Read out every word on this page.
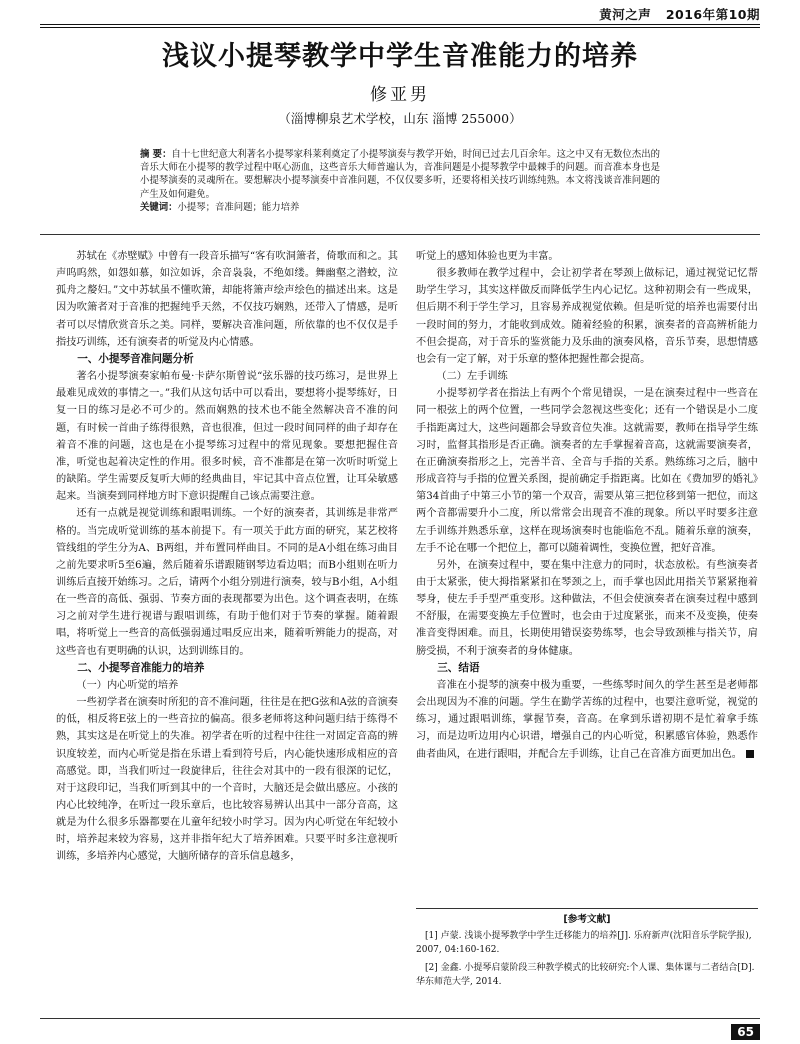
黄河之声 2016年第10期
浅议小提琴教学中学生音准能力的培养
修亚男
（淄博柳泉艺术学校，山东 淄博 255000）
摘 要：自十七世纪意大利著名小提琴家科莱利奠定了小提琴演奏与教学开始，时间已过去几百余年。这之中又有无数位杰出的音乐大师在小提琴的教学过程中呕心沥血，这些音乐大师普遍认为，音准问题是小提琴教学中最棘手的问题。而音准本身也是小提琴演奏的灵魂所在。要想解决小提琴演奏中音准问题，不仅仅要多听，还要将相关技巧训练纯熟。本文将浅谈音准问题的产生及如何避免。
关键词：小提琴；音准问题；能力培养

苏轼在《赤壁赋》中曾有一段音乐描写“客有吹洞箫者，倚歌而和之。其声呜呜然，如怨如慕，如泣如诉，余音袅袅，不绝如缕。舞幽壑之潜蛟，泣孤舟之嫠妇。”文中苏轼虽不懂吹箫，却能将箫声绘声绘色的描述出来。这是因为吹箫者对于音准的把握纯乎天然，不仅技巧娴熟，还带入了情感，是听者可以尽情欣赏音乐之美。同样，要解决音准问题，所依靠的也不仅仅是手指技巧训练，还有演奏者的听觉及内心情感。

一、小提琴音准问题分析

著名小提琴演奏家帕布曼·卡萨尔斯曾说“弦乐器的技巧练习，是世界上最难见成效的事情之一。”我们从这句话中可以看出，要想将小提琴练好，日复一日的练习是必不可少的。然而娴熟的技术也不能全然解决音不准的问题，有时候一首曲子练得很熟，音也很准，但过一段时间同样的曲子却存在着音不准的问题，这也是在小提琴练习过程中的常见现象。要想把握住音准，听觉也起着决定性的作用。很多时候，音不准都是在第一次听时听觉上的缺陷。学生需要反复听大师的经典曲目，牢记其中音点位置，让耳朵敏感起来。当演奏到同样地方时下意识提醒自己该点需要注意。

还有一点就是视觉训练和跟唱训练。一个好的演奏者，其训练是非常严格的。当完成听觉训练的基本前提下。有一项关于此方面的研究，某艺校将管线组的学生分为A、B两组，并布置同样曲目。不同的是A小组在练习曲目之前先要求听5至6遍，然后随着乐谱跟随钢琴边看边唱；而B小组则在听力训练后直接开始练习。之后，请两个小组分别进行演奏，较与B小组，A小组在一些音的高低、强弱、节奏方面的表现都要为出色。这个调查表明，在练习之前对学生进行视谱与跟唱训练，有助于他们对于节奏的掌握。随着跟唱，将听觉上一些音的高低强弱通过唱反应出来，随着听辨能力的提高，对这些音也有更明确的认识，达到训练目的。

二、小提琴音准能力的培养
（一）内心听觉的培养

一些初学者在演奏时所犯的音不准问题，往往是在把G弦和A弦的音演奏的低，相反将E弦上的一些音拉的偏高。很多老师将这种问题归结于练得不熟，其实这是在听觉上的失准。初学者在听的过程中往往一对固定音高的辨识度较差，而内心听觉是指在乐谱上看到符号后，内心能快速形成相应的音高感觉。即，当我们听过一段旋律后，往往会对其中的一段有很深的记忆，对于这段印记，当我们听到其中的一个音时，大脑还是会做出感应。小孩的内心比较纯净，在听过一段乐章后，也比较容易辨认出其中一部分音高，这就是为什么很多乐器都要在儿童年纪较小时学习。因为内心听觉在年纪较小时，培养起来较为容易，这并非指年纪大了培养困难。只要平时多注意视听训练，多培养内心感觉，大脑所储存的音乐信息越多，

听觉上的感知体验也更为丰富。

很多教师在教学过程中，会让初学者在琴颈上做标记，通过视觉记忆帮助学生学习，其实这样做反而降低学生内心记忆。这种初期会有一些成果，但后期不利于学生学习，且容易养成视觉依赖。但是听觉的培养也需要付出一段时间的努力，才能收到成效。随着经验的积累，演奏者的音高辨析能力不但会提高，对于音乐的鉴赏能力及乐曲的演奏风格，音乐节奏，思想情感也会有一定了解，对于乐章的整体把握性都会提高。

（二）左手训练

小提琴初学者在指法上有两个个常见错误，一是在演奏过程中一些音在同一根弦上的两个位置，一些同学会忽视这些变化；还有一个错误是小二度手指距离过大，这些问题都会导致音位失准。这就需要，教师在指导学生练习时，监督其指形是否正确。演奏者的左手掌握着音高，这就需要演奏者，在正确演奏指形之上，完善半音、全音与手指的关系。熟练练习之后，脑中形成音符与手指的位置关系图，提前确定手指距离。比如在《费加罗的婚礼》第34首曲子中第三小节的第一个双音，需要从第三把位移到第一把位，而这两个音都需要升小二度，所以常常会出现音不准的现象。所以平时要多注意左手训练并熟悉乐章，这样在现场演奏时也能临危不乱。随着乐章的演奏，左手不论在哪一个把位上，都可以随着调性，变换位置，把好音准。

另外，在演奏过程中，要在集中注意力的同时，状态放松。有些演奏者由于太紧张，使大拇指紧紧扣在琴颈之上，而手掌也因此用指关节紧紧拖着琴身，使左手手型严重变形。这种做法，不但会使演奏者在演奏过程中感到不舒服，在需要变换左手位置时，也会由于过度紧张，而来不及变换，使奏准音变得困难。而且，长期使用错误姿势练琴，也会导致颈椎与指关节，肩膀受损，不利于演奏者的身体健康。

三、结语

音准在小提琴的演奏中极为重要，一些练琴时间久的学生甚至是老师都会出现因为不准的问题。学生在勤学苦练的过程中，也要注意听觉，视觉的练习，通过跟唱训练，掌握节奏，音高。在拿到乐谱初期不是忙着拿手练习，而是边听边用内心识谱，增强自己的内心听觉，积累感官体验，熟悉作曲者曲风，在进行跟唱，并配合左手训练，让自己在音准方面更加出色。

[参考文献]

[1] 卢蒙. 浅谈小提琴教学中学生迁移能力的培养[J]. 乐府新声(沈阳音乐学院学报), 2007, 04:160-162.

[2] 金鑫. 小提琴启蒙阶段三种教学模式的比较研究:个人课、集体课与二者结合[D]. 华东师范大学, 2014.

65
